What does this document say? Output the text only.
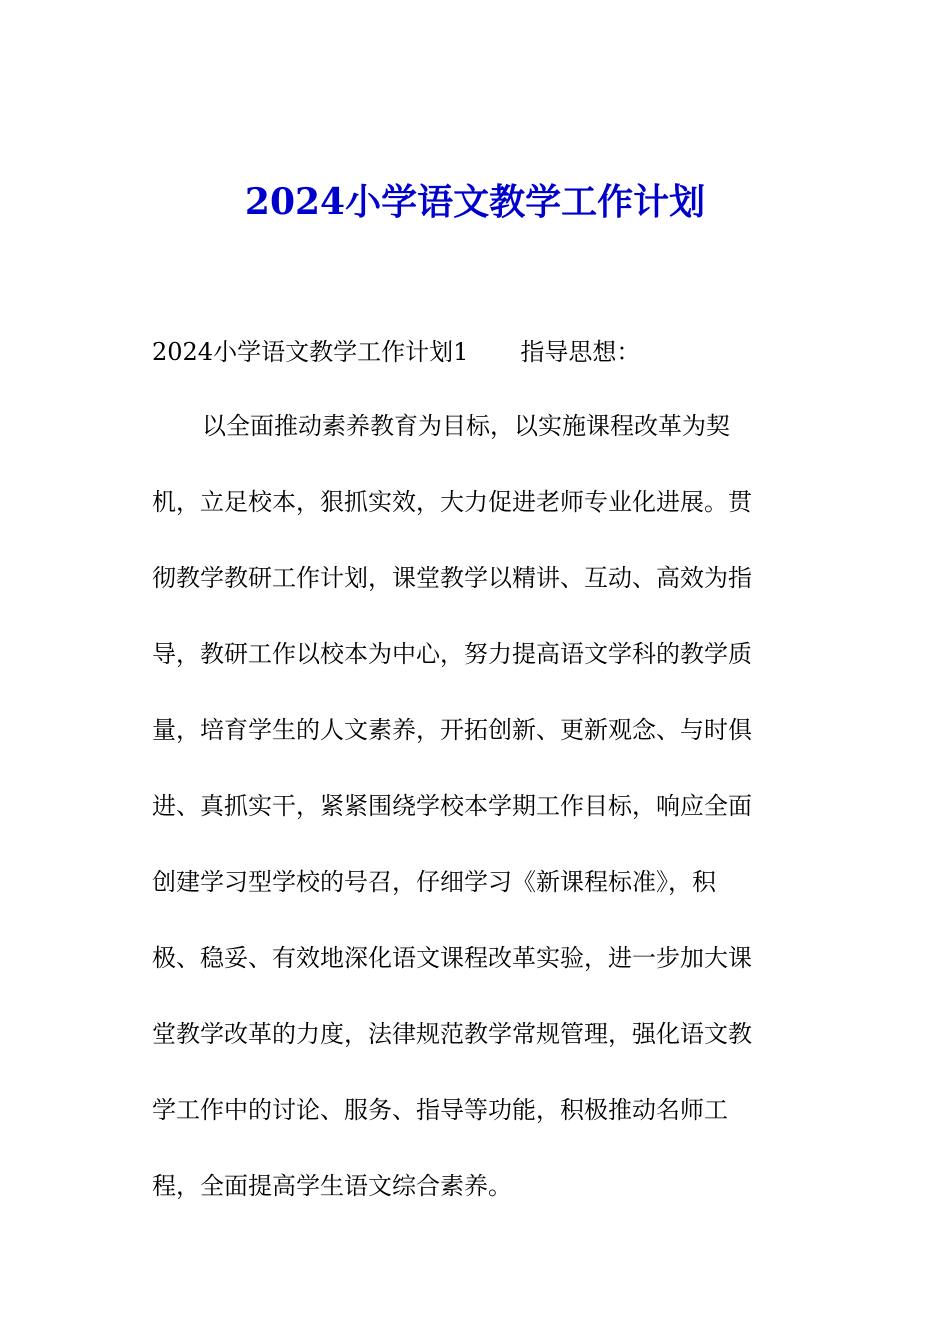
2024小学语文教学工作计划
2024小学语文教学工作计划1 指导思想：
以全面推动素养教育为目标，以实施课程改革为契
机，立足校本，狠抓实效，大力促进老师专业化进展。贯
彻教学教研工作计划，课堂教学以精讲、互动、高效为指
导，教研工作以校本为中心，努力提高语文学科的教学质
量，培育学生的人文素养，开拓创新、更新观念、与时俱
进、真抓实干，紧紧围绕学校本学期工作目标，响应全面
创建学习型学校的号召，仔细学习《新课程标准》，积
极、稳妥、有效地深化语文课程改革实验，进一步加大课
堂教学改革的力度，法律规范教学常规管理，强化语文教
学工作中的讨论、服务、指导等功能，积极推动名师工
程，全面提高学生语文综合素养。
